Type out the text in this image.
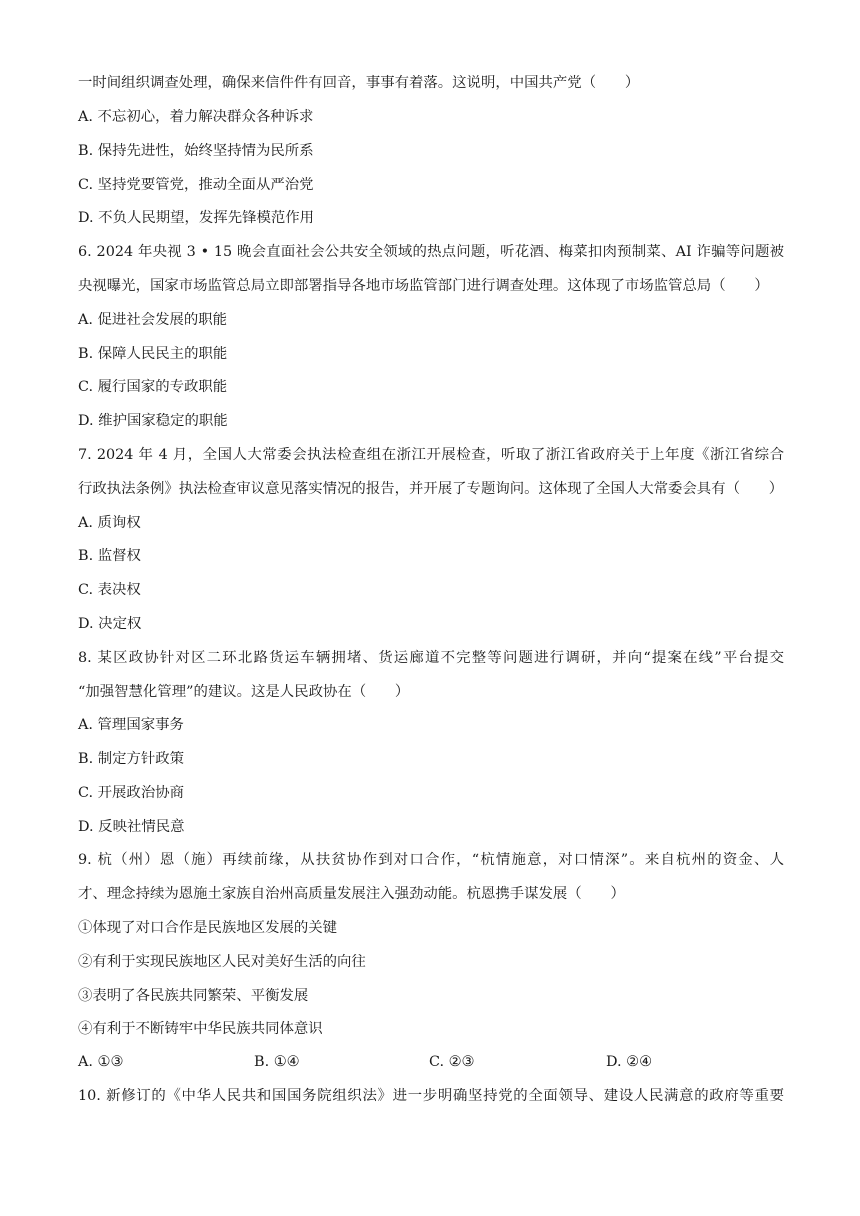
一时间组织调查处理，确保来信件件有回音，事事有着落。这说明，中国共产党（　　）
A. 不忘初心，着力解决群众各种诉求
B. 保持先进性，始终坚持情为民所系
C. 坚持党要管党，推动全面从严治党
D. 不负人民期望，发挥先锋模范作用
6. 2024 年央视 3 • 15 晚会直面社会公共安全领域的热点问题，听花酒、梅菜扣肉预制菜、AI 诈骗等问题被
央视曝光，国家市场监管总局立即部署指导各地市场监管部门进行调查处理。这体现了市场监管总局（　　）
A. 促进社会发展的职能
B. 保障人民民主的职能
C. 履行国家的专政职能
D. 维护国家稳定的职能
7. 2024 年 4 月，全国人大常委会执法检查组在浙江开展检查，听取了浙江省政府关于上年度《浙江省综合
行政执法条例》执法检查审议意见落实情况的报告，并开展了专题询问。这体现了全国人大常委会具有（　　）
A. 质询权
B. 监督权
C. 表决权
D. 决定权
8. 某区政协针对区二环北路货运车辆拥堵、货运廊道不完整等问题进行调研，并向“提案在线”平台提交
“加强智慧化管理”的建议。这是人民政协在（　　）
A. 管理国家事务
B. 制定方针政策
C. 开展政治协商
D. 反映社情民意
9. 杭（州）恩（施）再续前缘，从扶贫协作到对口合作，“杭情施意，对口情深”。来自杭州的资金、人
才、理念持续为恩施土家族自治州高质量发展注入强劲动能。杭恩携手谋发展（　　）
①体现了对口合作是民族地区发展的关键
②有利于实现民族地区人民对美好生活的向往
③表明了各民族共同繁荣、平衡发展
④有利于不断铸牢中华民族共同体意识
A. ①③	B. ①④	C. ②③	D. ②④
10. 新修订的《中华人民共和国国务院组织法》进一步明确坚持党的全面领导、建设人民满意的政府等重要
